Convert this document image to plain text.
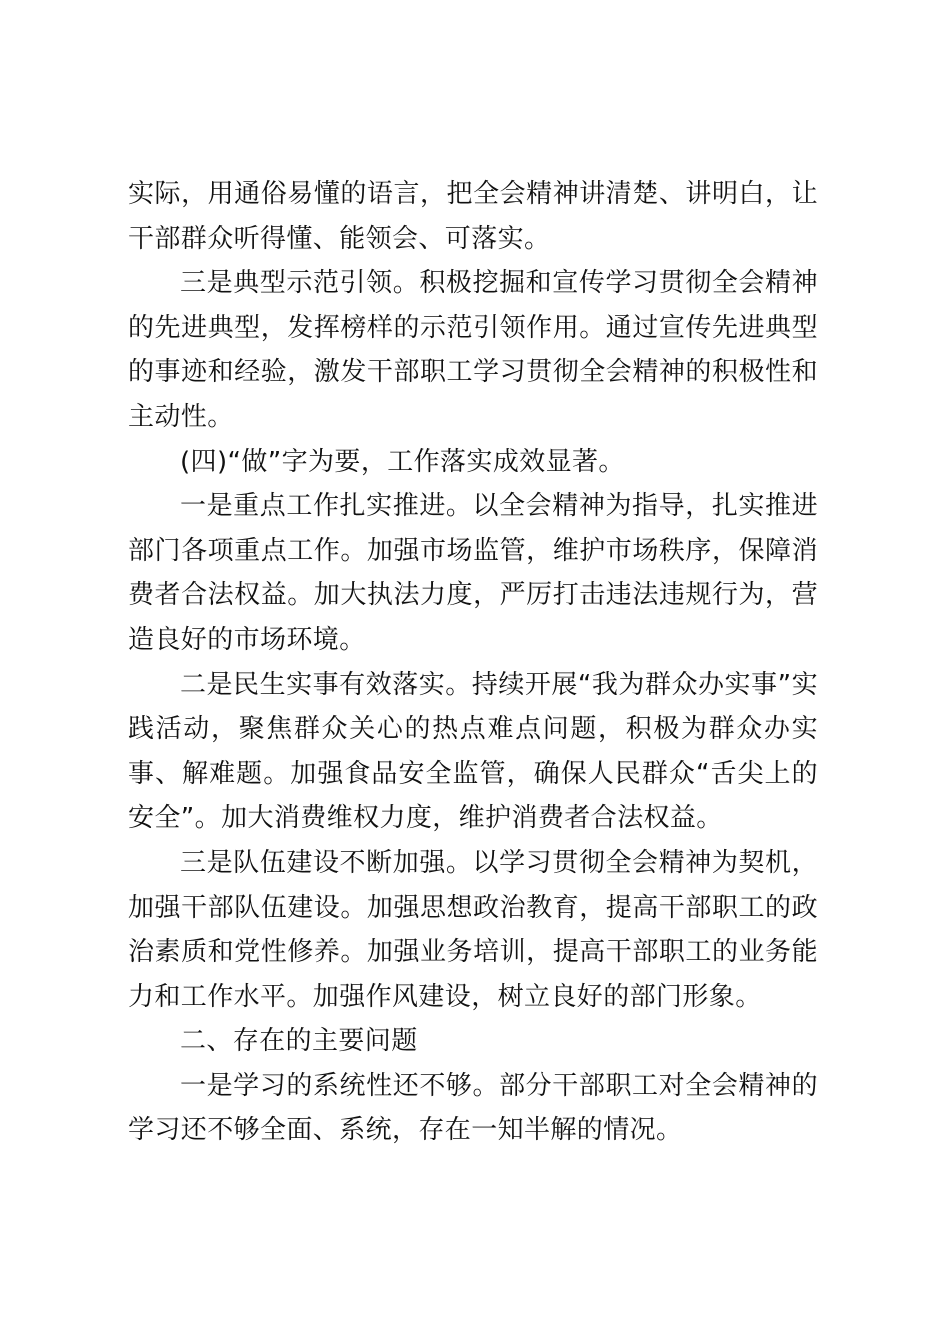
实际，用通俗易懂的语言，把全会精神讲清楚、讲明白，让干部群众听得懂、能领会、可落实。

三是典型示范引领。积极挖掘和宣传学习贯彻全会精神的先进典型，发挥榜样的示范引领作用。通过宣传先进典型的事迹和经验，激发干部职工学习贯彻全会精神的积极性和主动性。

(四)“做”字为要，工作落实成效显著。

一是重点工作扎实推进。以全会精神为指导，扎实推进部门各项重点工作。加强市场监管，维护市场秩序，保障消费者合法权益。加大执法力度，严厉打击违法违规行为，营造良好的市场环境。

二是民生实事有效落实。持续开展“我为群众办实事”实践活动，聚焦群众关心的热点难点问题，积极为群众办实事、解难题。加强食品安全监管，确保人民群众“舌尖上的安全”。加大消费维权力度，维护消费者合法权益。

三是队伍建设不断加强。以学习贯彻全会精神为契机，加强干部队伍建设。加强思想政治教育，提高干部职工的政治素质和党性修养。加强业务培训，提高干部职工的业务能力和工作水平。加强作风建设，树立良好的部门形象。

二、存在的主要问题

一是学习的系统性还不够。部分干部职工对全会精神的学习还不够全面、系统，存在一知半解的情况。
